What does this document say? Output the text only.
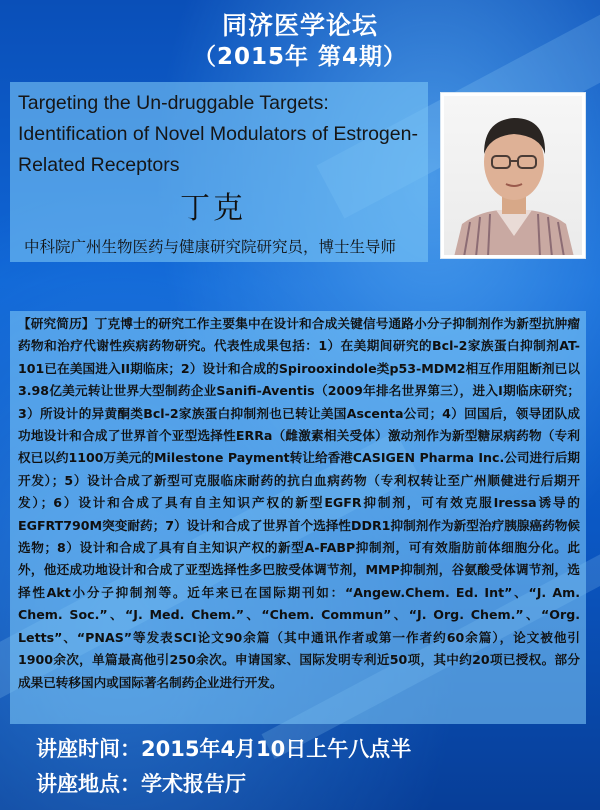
同济医学论坛
（2015年 第4期）

Targeting the Un-druggable Targets: Identification of Novel Modulators of Estrogen-Related Receptors

丁克
中科院广州生物医药与健康研究院研究员，博士生导师

【研究简历】丁克博士的研究工作主要集中在设计和合成关键信号通路小分子抑制剂作为新型抗肿瘤药物和治疗代谢性疾病药物研究。代表性成果包括：1）在美期间研究的Bcl-2家族蛋白抑制剂AT-101已在美国进入II期临床；2）设计和合成的Spirooxindole类p53-MDM2相互作用阻断剂已以3.98亿美元转让世界大型制药企业Sanifi-Aventis（2009年排名世界第三），进入I期临床研究；3）所设计的异黄酮类Bcl-2家族蛋白抑制剂也已转让美国Ascenta公司；4）回国后，领导团队成功地设计和合成了世界首个亚型选择性ERRa（雌激素相关受体）激动剂作为新型糖尿病药物（专利权已以约1100万美元的Milestone Payment转让给香港CASIGEN Pharma Inc.公司进行后期开发）；5）设计合成了新型可克服临床耐药的抗白血病药物（专利权转让至广州顺健进行后期开发）；6）设计和合成了具有自主知识产权的新型EGFR抑制剂，可有效克服Iressa诱导的EGFRT790M突变耐药；7）设计和合成了世界首个选择性DDR1抑制剂作为新型治疗胰腺癌药物候选物；8）设计和合成了具有自主知识产权的新型A-FABP抑制剂，可有效脂肪前体细胞分化。此外，他还成功地设计和合成了亚型选择性多巴胺受体调节剂，MMP抑制剂，谷氨酸受体调节剂，选择性Akt小分子抑制剂等。近年来已在国际期刊如：“Angew.Chem. Ed. Int”、“J. Am. Chem. Soc.”、“J. Med. Chem.”、“Chem. Commun”、“J. Org. Chem.”、“Org. Letts”、“PNAS”等发表SCI论文90余篇（其中通讯作者或第一作者约60余篇），论文被他引1900余次，单篇最高他引250余次。申请国家、国际发明专利近50项，其中约20项已授权。部分成果已转移国内或国际著名制药企业进行开发。

讲座时间：2015年4月10日上午八点半
讲座地点：学术报告厅
